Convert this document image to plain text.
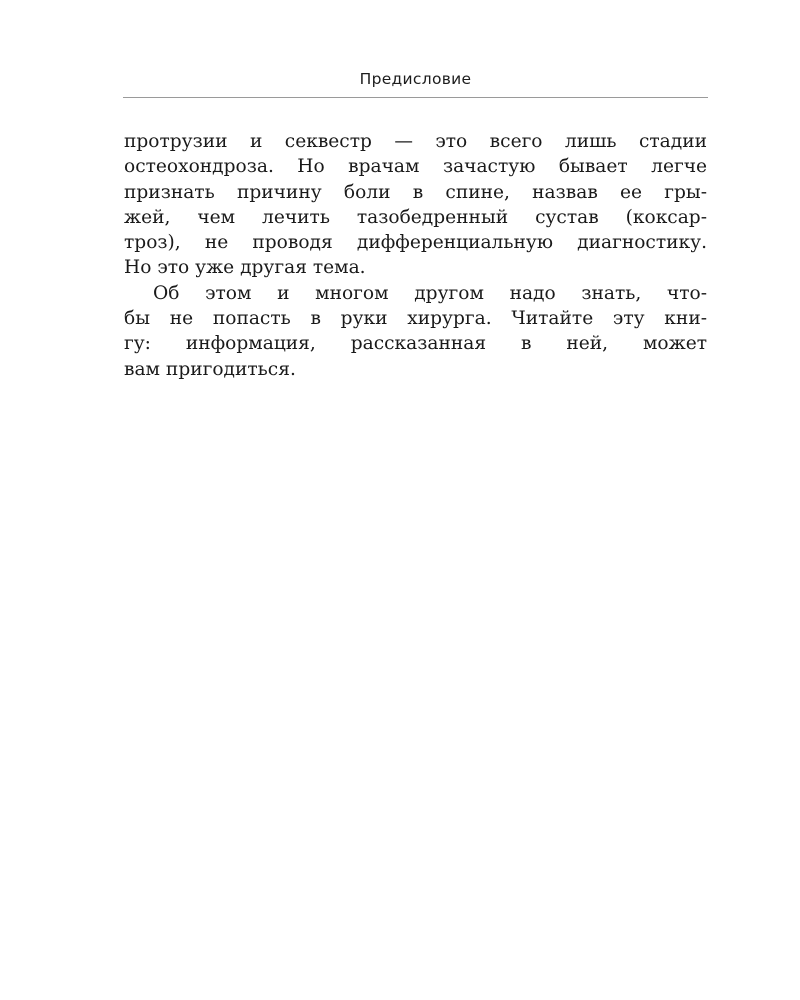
Предисловие
протрузии и секвестр — это всего лишь стадии
остеохондроза. Но врачам зачастую бывает легче
признать причину боли в спине, назвав ее гры-
жей, чем лечить тазобедренный сустав (коксар-
троз), не проводя дифференциальную диагностику.
Но это уже другая тема.
Об этом и многом другом надо знать, что-
бы не попасть в руки хирурга. Читайте эту кни-
гу: информация, рассказанная в ней, может
вам пригодиться.
